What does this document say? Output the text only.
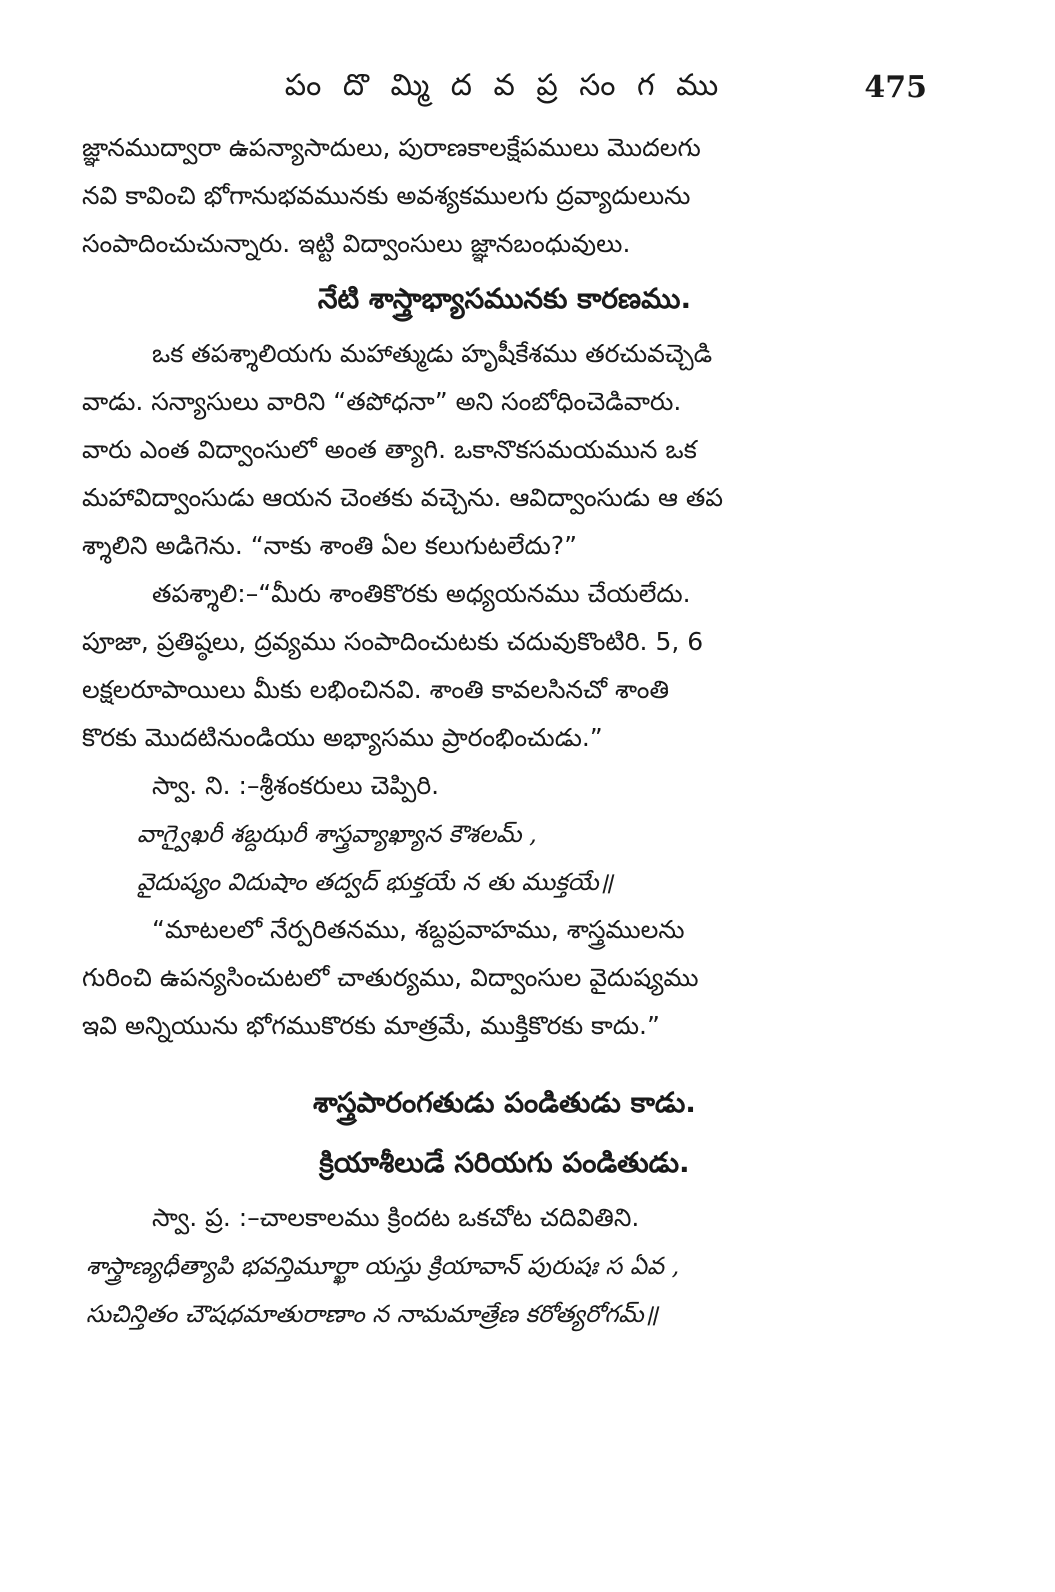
పం దొ మ్మి ద వ ప్ర సం గ ము	475

జ్ఞానముద్వారా ఉపన్యాసాదులు, పురాణకాలక్షేపములు మొదలగు

నవి కావించి భోగానుభవమునకు అవశ్యకములగు ద్రవ్యాదులును

సంపాదించుచున్నారు. ఇట్టి విద్వాంసులు జ్ఞానబంధువులు.

నేటి శాస్త్రాభ్యాసమునకు కారణము.

ఒక తపశ్శాలియగు మహాత్ముడు హృషీకేశము తరచువచ్చెడి

వాడు. సన్యాసులు వారిని “తపోధనా” అని సంబోధించెడివారు.

వారు ఎంత విద్వాంసులో అంత త్యాగి. ఒకానొకసమయమున ఒక

మహావిద్వాంసుడు ఆయన చెంతకు వచ్చెను. ఆవిద్వాంసుడు ఆ తప

శ్శాలిని అడిగెను. “నాకు శాంతి ఏల కలుగుటలేదు?”

తపశ్శాలి:–“మీరు శాంతికొరకు అధ్యయనము చేయలేదు.

పూజా, ప్రతిష్ఠలు, ద్రవ్యము సంపాదించుటకు చదువుకొంటిరి. 5, 6

లక్షలరూపాయిలు మీకు లభించినవి. శాంతి కావలసినచో శాంతి

కొరకు మొదటినుండియు అభ్యాసము ప్రారంభించుడు.”

స్వా. ని. :–శ్రీశంకరులు చెప్పిరి.

వాగ్వైఖరీ శబ్దఝరీ శాస్త్రవ్యాఖ్యాన కౌశలమ్ ,

వైదుష్యం విదుషాం తద్వద్ భుక్తయే న తు ముక్తయే॥

“మాటలలో నేర్పరితనము, శబ్దప్రవాహము, శాస్త్రములను

గురించి ఉపన్యసించుటలో చాతుర్యము, విద్వాంసుల వైదుష్యము

ఇవి అన్నియును భోగముకొరకు మాత్రమే, ముక్తికొరకు కాదు.”

శాస్త్రపారంగతుడు పండితుడు కాడు.
క్రియాశీలుడే సరియగు పండితుడు.

స్వా. ప్ర. :–చాలకాలము క్రిందట ఒకచోట చదివితిని.

శాస్త్రాణ్యధీత్యాపి భవన్తిమూర్ఖా యస్తు క్రియావాన్ పురుషః స ఏవ ,

సుచిన్తితం చౌషధమాతురాణాం న నామమాత్రేణ కరోత్యరోగమ్॥
